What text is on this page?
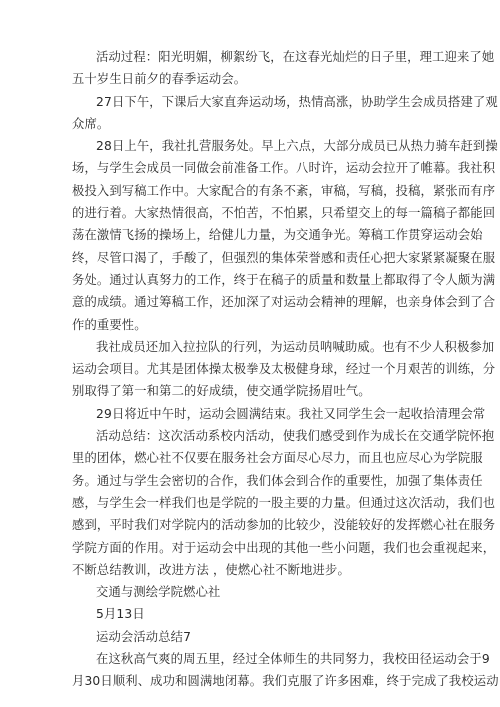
活动过程：阳光明媚，柳絮纷飞，在这春光灿烂的日子里，理工迎来了她
五十岁生日前夕的春季运动会。
27日下午，下课后大家直奔运动场，热情高涨，协助学生会成员搭建了观
众席。
28日上午，我社扎营服务处。早上六点，大部分成员已从热力骑车赶到操
场，与学生会成员一同做会前准备工作。八时许，运动会拉开了帷幕。我社积
极投入到写稿工作中。大家配合的有条不紊，审稿，写稿，投稿，紧张而有序
的进行着。大家热情很高，不怕苦，不怕累，只希望交上的每一篇稿子都能回
荡在激情飞扬的操场上，给健儿力量，为交通争光。筹稿工作贯穿运动会始
终，尽管口渴了，手酸了，但强烈的集体荣誉感和责任心把大家紧紧凝聚在服
务处。通过认真努力的工作，终于在稿子的质量和数量上都取得了令人颇为满
意的成绩。通过筹稿工作，还加深了对运动会精神的理解，也亲身体会到了合
作的重要性。
我社成员还加入拉拉队的行列，为运动员呐喊助威。也有不少人积极参加
运动会项目。尤其是团体操太极拳及太极健身球，经过一个月艰苦的训练，分
别取得了第一和第二的好成绩，使交通学院扬眉吐气。
29日将近中午时，运动会圆满结束。我社又同学生会一起收拾清理会常
活动总结：这次活动系校内活动，使我们感受到作为成长在交通学院怀抱
里的团体，燃心社不仅要在服务社会方面尽心尽力，而且也应尽心为学院服
务。通过与学生会密切的合作，我们体会到合作的重要性，加强了集体责任
感，与学生会一样我们也是学院的一股主要的力量。但通过这次活动，我们也
感到，平时我们对学院内的活动参加的比较少，没能较好的发挥燃心社在服务
学院方面的作用。对于运动会中出现的其他一些小问题，我们也会重视起来，
不断总结教训，改进方法 ，使燃心社不断地进步。
交通与测绘学院燃心社
5月13日
运动会活动总结7
在这秋高气爽的周五里，经过全体师生的共同努力，我校田径运动会于9
月30日顺利、成功和圆满地闭幕。我们克服了许多困难，终于完成了我校运动
